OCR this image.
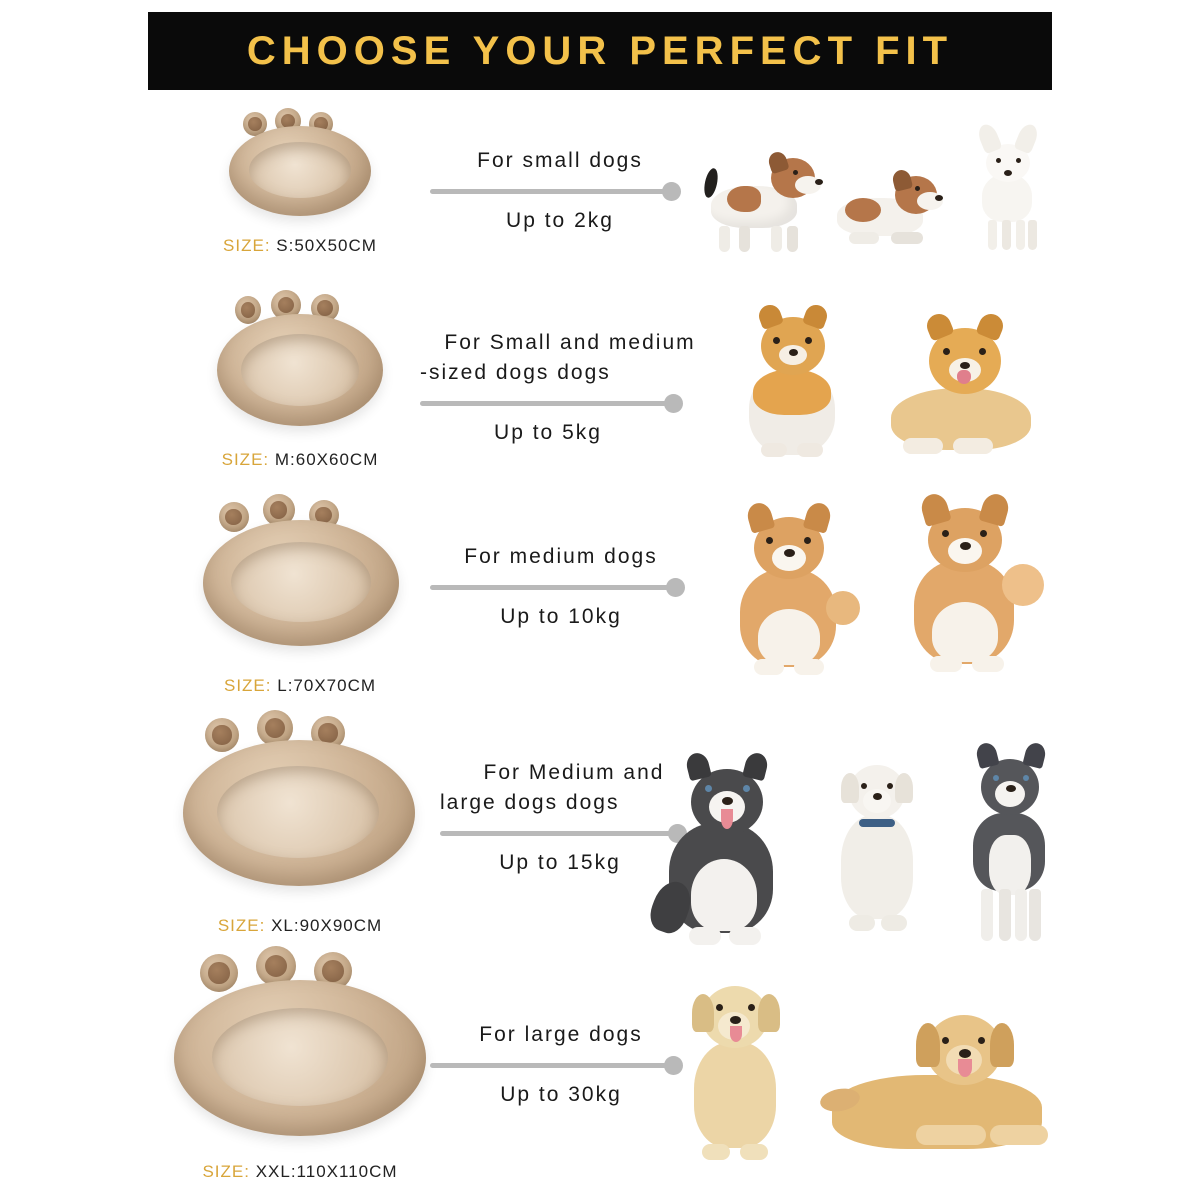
CHOOSE YOUR PERFECT FIT
SIZE: S:50X50CM
For small dogs
Up to 2kg
SIZE: M:60X60CM
For Small and medium
-sized dogs dogs
Up to 5kg
SIZE: L:70X70CM
For medium dogs
Up to 10kg
SIZE: XL:90X90CM
For Medium and
large dogs dogs
Up to 15kg
SIZE: XXL:110X110CM
For large dogs
Up to 30kg
